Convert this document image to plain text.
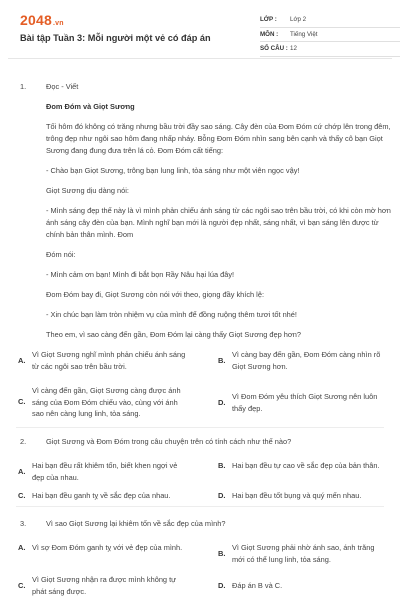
2048.vn
Bài tập Tuần 3: Mỗi người một vẻ có đáp án
LỚP :	Lớp 2
MÔN :	Tiếng Việt
SỐ CÂU : 12
1.	Đọc - Viết

Đom Đóm và Giọt Sương

Tối hôm đó không có trăng nhưng bầu trời đầy sao sáng. Cây đèn của Đom Đóm cứ chớp lên trong đêm, trông đẹp như ngôi sao hôm đang nhấp nháy. Bỗng Đom Đóm nhìn sang bên cạnh và thấy cô bạn Giọt Sương đang đung đưa trên lá cỏ. Đom Đóm cất tiếng:

- Chào bạn Giọt Sương, trông bạn lung linh, tỏa sáng như một viên ngọc vậy!

Giọt Sương dịu dàng nói:

- Mình sáng đẹp thế này là vì mình phản chiếu ánh sáng từ các ngôi sao trên bầu trời, có khi còn mờ hơn ánh sáng cây đèn của bạn. Mình nghĩ bạn mới là người đẹp nhất, sáng nhất, vì bạn sáng lên được từ chính bản thân mình. Đom

Đóm nói:

- Mình cảm ơn bạn! Mình đi bắt bọn Rầy Nâu hại lúa đây!

Đom Đóm bay đi, Giọt Sương còn nói với theo, giọng đầy khích lệ:

- Xin chúc bạn làm tròn nhiệm vụ của mình để đồng ruộng thêm tươi tốt nhé!

Theo em, vì sao càng đến gần, Đom Đóm lại càng thấy Giọt Sương đẹp hơn?

A.
Vì Giọt Sương nghĩ mình phản chiếu ánh sáng từ các ngôi sao trên bầu trời.
B.
Vì càng bay đến gần, Đom Đóm càng nhìn rõ Giọt Sương hơn.
C.
Vì càng đến gần, Giọt Sương càng được ánh sáng của Đom Đóm chiếu vào, cùng với ánh sao nên càng lung linh, tỏa sáng.
D.
Vì Đom Đóm yêu thích Giọt Sương nên luôn thấy đẹp.
2.	Giọt Sương và Đom Đóm trong câu chuyện trên có tính cách như thế nào?

A.
Hai bạn đều rất khiêm tốn, biết khen ngợi vẻ đẹp của nhau.
B. Hai bạn đều tự cao về sắc đẹp của bản thân.
C. Hai bạn đều ganh tỵ về sắc đẹp của nhau.	D. Hai bạn đều tốt bụng và quý mến nhau.
3.	Vì sao Giọt Sương lại khiêm tốn về sắc đẹp của mình?

A. Vì sợ Đom Đóm ganh tỵ với vẻ đẹp của mình.
B.
Vì Giọt Sương phải nhờ ánh sao, ánh trăng mới có thể lung linh, tỏa sáng.
C.
Vì Giọt Sương nhận ra được mình không tự phát sáng được.
D. Đáp án B và C.
